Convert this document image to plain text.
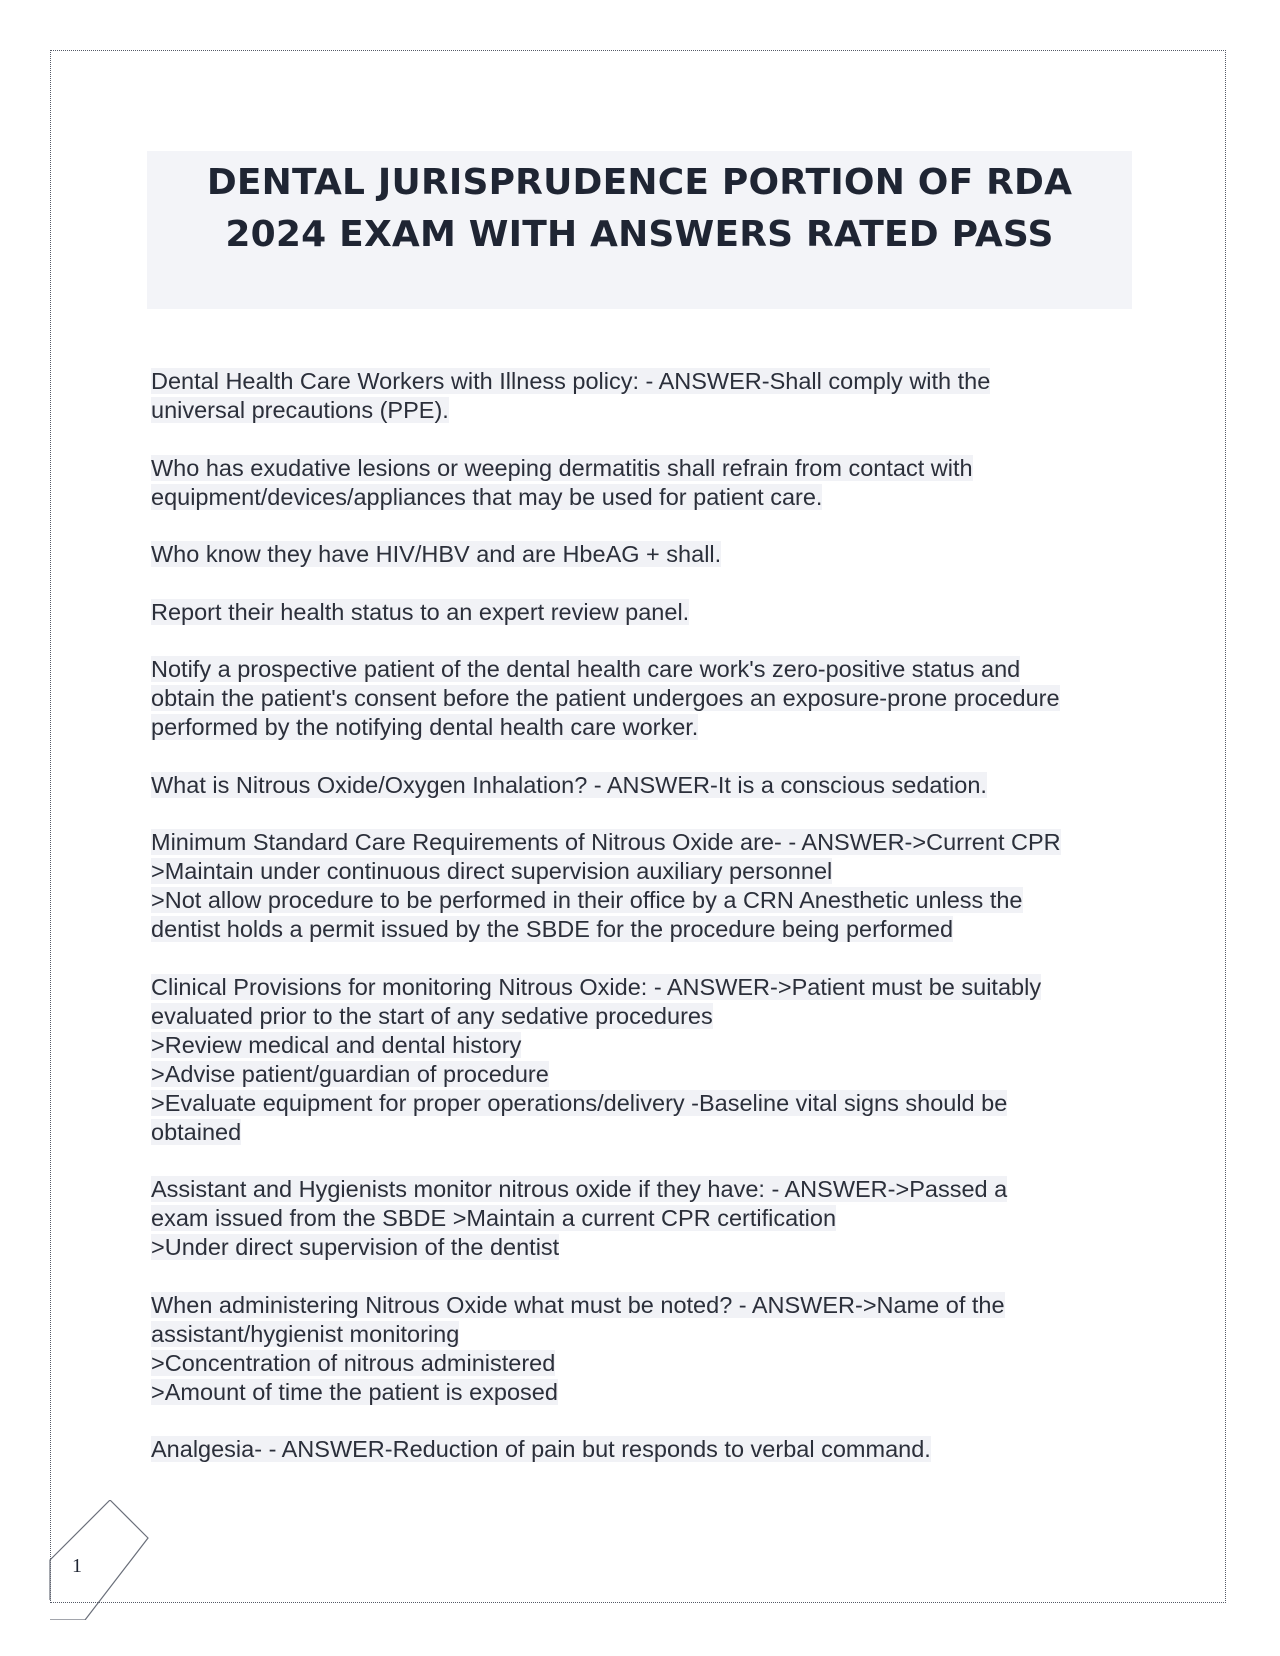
DENTAL JURISPRUDENCE PORTION OF RDA

2024 EXAM WITH ANSWERS RATED PASS

Dental Health Care Workers with Illness policy: - ANSWER-Shall comply with the
universal precautions (PPE).
Who has exudative lesions or weeping dermatitis shall refrain from contact with
equipment/devices/appliances that may be used for patient care.
Who know they have HIV/HBV and are HbeAG + shall.
Report their health status to an expert review panel.
Notify a prospective patient of the dental health care work's zero-positive status and
obtain the patient's consent before the patient undergoes an exposure-prone procedure
performed by the notifying dental health care worker.
What is Nitrous Oxide/Oxygen Inhalation? - ANSWER-It is a conscious sedation.
Minimum Standard Care Requirements of Nitrous Oxide are- - ANSWER->Current CPR
>Maintain under continuous direct supervision auxiliary personnel
>Not allow procedure to be performed in their office by a CRN Anesthetic unless the
dentist holds a permit issued by the SBDE for the procedure being performed
Clinical Provisions for monitoring Nitrous Oxide: - ANSWER->Patient must be suitably
evaluated prior to the start of any sedative procedures
>Review medical and dental history
>Advise patient/guardian of procedure
>Evaluate equipment for proper operations/delivery -Baseline vital signs should be
obtained
Assistant and Hygienists monitor nitrous oxide if they have: - ANSWER->Passed a
exam issued from the SBDE >Maintain a current CPR certification
>Under direct supervision of the dentist
When administering Nitrous Oxide what must be noted? - ANSWER->Name of the
assistant/hygienist monitoring
>Concentration of nitrous administered
>Amount of time the patient is exposed
Analgesia- - ANSWER-Reduction of pain but responds to verbal command.
1
